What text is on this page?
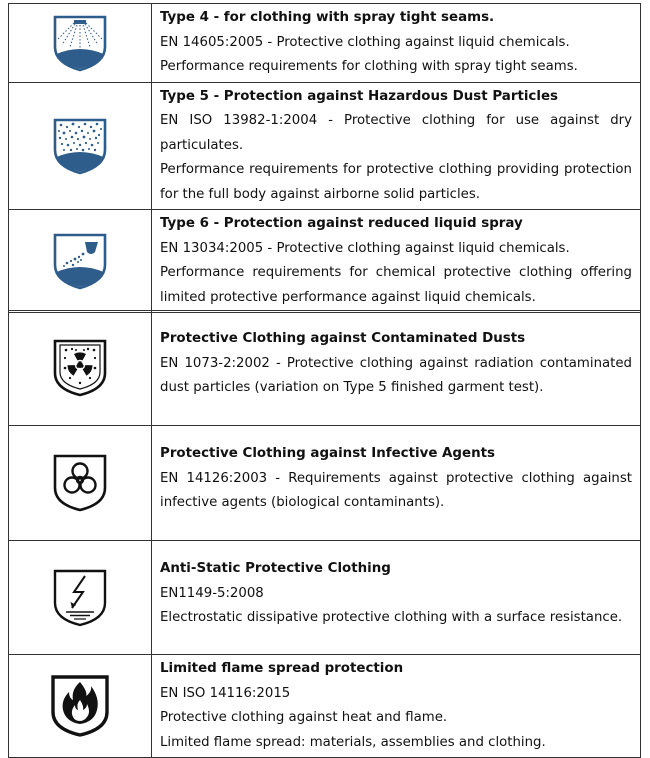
Type 4 - for clothing with spray tight seams.
EN 14605:2005 - Protective clothing against liquid chemicals.
Performance requirements for clothing with spray tight seams.

Type 5 - Protection against Hazardous Dust Particles
EN ISO 13982-1:2004 - Protective clothing for use against dry particulates.
Performance requirements for protective clothing providing protection for the full body against airborne solid particles.

Type 6 - Protection against reduced liquid spray
EN 13034:2005 - Protective clothing against liquid chemicals.
Performance requirements for chemical protective clothing offering limited protective performance against liquid chemicals.

Protective Clothing against Contaminated Dusts
EN 1073-2:2002 - Protective clothing against radiation contaminated dust particles (variation on Type 5 finished garment test).

Protective Clothing against Infective Agents
EN 14126:2003 - Requirements against protective clothing against infective agents (biological contaminants).

Anti-Static Protective Clothing
EN1149-5:2008
Electrostatic dissipative protective clothing with a surface resistance.

Limited flame spread protection
EN ISO 14116:2015
Protective clothing against heat and flame.
Limited flame spread: materials, assemblies and clothing.
